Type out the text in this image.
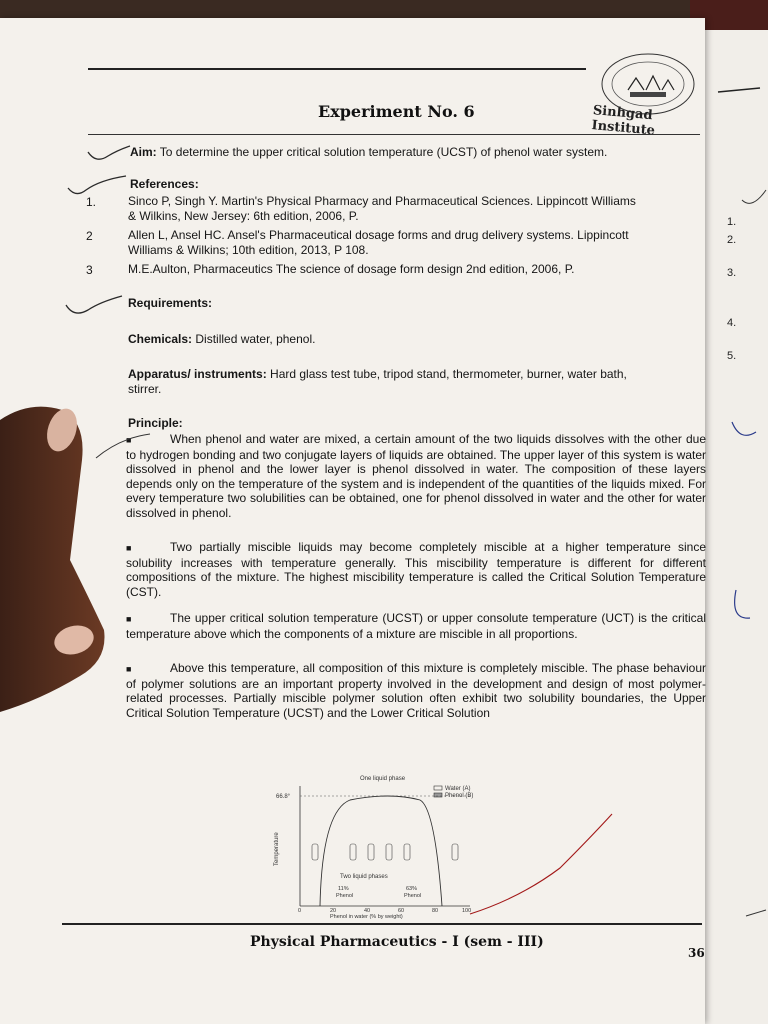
1.
2.
3.
4.
5.
Experiment No. 6	Sinhgad Institute
Aim: To determine the upper critical solution temperature (UCST) of phenol water system.
References:
1.	Sinco P, Singh Y. Martin's Physical Pharmacy and Pharmaceutical Sciences. Lippincott Williams
& Wilkins, New Jersey: 6th edition, 2006, P.
2	Allen L, Ansel HC. Ansel's Pharmaceutical dosage forms and drug delivery systems. Lippincott
Williams & Wilkins; 10th edition, 2013, P 108.
3	M.E.Aulton, Pharmaceutics The science of dosage form design 2nd edition, 2006, P.
Requirements:
Chemicals: Distilled water, phenol.
Apparatus/ instruments: Hard glass test tube, tripod stand, thermometer, burner, water bath,
stirrer.
Principle:
■	When phenol and water are mixed, a certain amount of the two liquids dissolves with the other due to hydrogen bonding and two conjugate layers of liquids are obtained. The upper layer of this system is water dissolved in phenol and the lower layer is phenol dissolved in water. The composition of these layers depends only on the temperature of the system and is independent of the quantities of the liquids mixed. For every temperature two solubilities can be obtained, one for phenol dissolved in water and the other for water dissolved in phenol.
■	Two partially miscible liquids may become completely miscible at a higher temperature since solubility increases with temperature generally. This miscibility temperature is different for different compositions of the mixture. The highest miscibility temperature is called the Critical Solution Temperature (CST).
■	The upper critical solution temperature (UCST) or upper consolute temperature (UCT) is the critical temperature above which the components of a mixture are miscible in all proportions.
■	Above this temperature, all composition of this mixture is completely miscible. The phase behaviour of polymer solutions are an important property involved in the development and design of most polymer-related processes. Partially miscible polymer solution often exhibit two solubility boundaries, the Upper Critical Solution Temperature (UCST) and the Lower Critical Solution
One liquid phase
66.8°
Water (A)
Phenol (B)
Temperature
Two liquid phases
11%
Phenol
63%
Phenol
0	20	40	60	80	100
Phenol in water (% by weight)
Physical Pharmaceutics - I (sem - III)
36
